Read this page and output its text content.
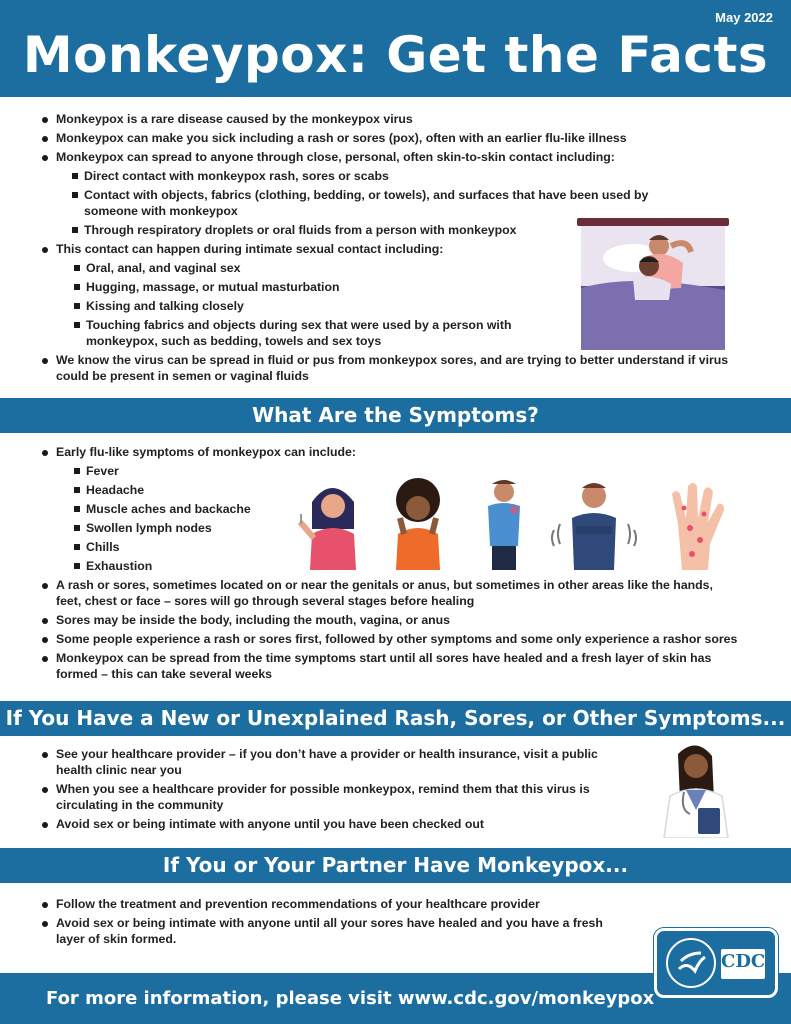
May 2022
Monkeypox: Get the Facts
Monkeypox is a rare disease caused by the monkeypox virus
Monkeypox can make you sick including a rash or sores (pox), often with an earlier flu-like illness
Monkeypox can spread to anyone through close, personal, often skin-to-skin contact including:
Direct contact with monkeypox rash, sores or scabs
Contact with objects, fabrics (clothing, bedding, or towels), and surfaces that have been used by someone with monkeypox
Through respiratory droplets or oral fluids from a person with monkeypox
This contact can happen during intimate sexual contact including:
Oral, anal, and vaginal sex
Hugging, massage, or mutual masturbation
Kissing and talking closely
Touching fabrics and objects during sex that were used by a person with monkeypox, such as bedding, towels and sex toys
We know the virus can be spread in fluid or pus from monkeypox sores, and are trying to better understand if virus could be present in semen or vaginal fluids
What Are the Symptoms?
Early flu-like symptoms of monkeypox can include:
Fever
Headache
Muscle aches and backache
Swollen lymph nodes
Chills
Exhaustion
A rash or sores, sometimes located on or near the genitals or anus, but sometimes in other areas like the hands, feet, chest or face – sores will go through several stages before healing
Sores may be inside the body, including the mouth, vagina, or anus
Some people experience a rash or sores first, followed by other symptoms and some only experience a rashor sores
Monkeypox can be spread from the time symptoms start until all sores have healed and a fresh layer of skin has formed – this can take several weeks
If You Have a New or Unexplained Rash, Sores, or Other Symptoms...
See your healthcare provider – if you don’t have a provider or health insurance, visit a public health clinic near you
When you see a healthcare provider for possible monkeypox, remind them that this virus is circulating in the community
Avoid sex or being intimate with anyone until you have been checked out
If You or Your Partner Have Monkeypox...
Follow the treatment and prevention recommendations of your healthcare provider
Avoid sex or being intimate with anyone until all your sores have healed and you have a fresh layer of skin formed.
For more information, please visit www.cdc.gov/monkeypox
CDC
